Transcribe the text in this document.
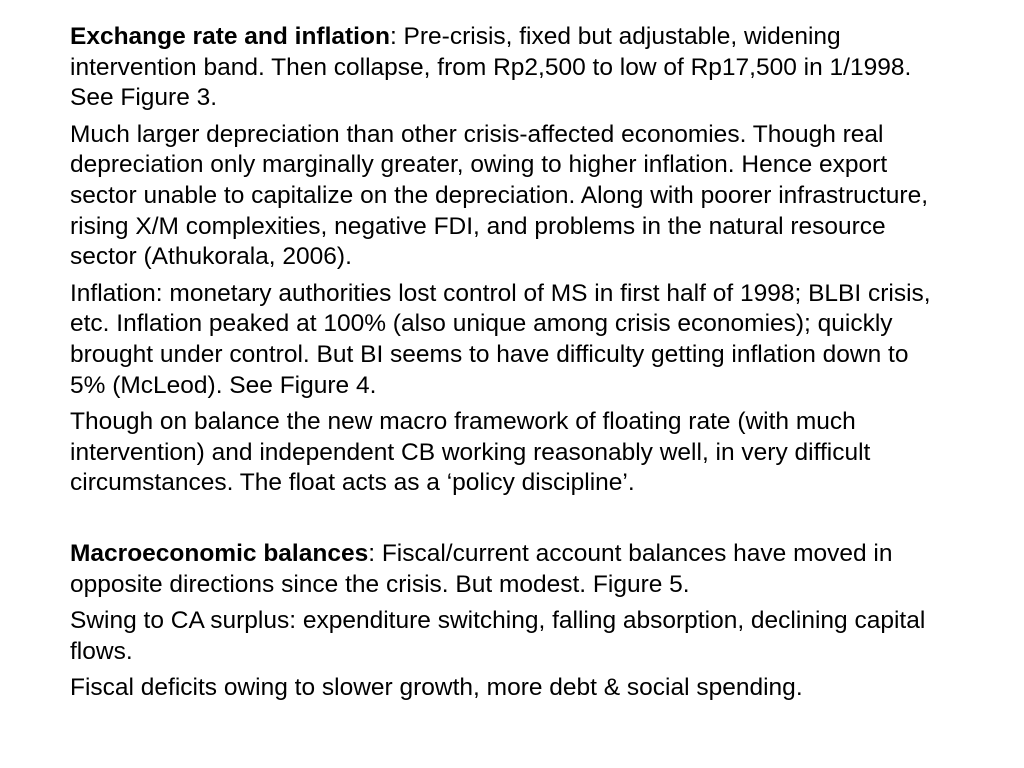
Exchange rate and inflation: Pre-crisis, fixed but adjustable, widening intervention band. Then collapse, from Rp2,500 to low of Rp17,500 in 1/1998. See Figure 3.

Much larger depreciation than other crisis-affected economies. Though real depreciation only marginally greater, owing to higher inflation. Hence export sector unable to capitalize on the depreciation. Along with poorer infrastructure, rising X/M complexities, negative FDI, and problems in the natural resource sector (Athukorala, 2006).

Inflation: monetary authorities lost control of MS in first half of 1998; BLBI crisis, etc. Inflation peaked at 100% (also unique among crisis economies); quickly brought under control. But BI seems to have difficulty getting inflation down to 5% (McLeod). See Figure 4.

Though on balance the new macro framework of floating rate (with much intervention) and independent CB working reasonably well, in very difficult circumstances. The float acts as a ‘policy discipline’.

Macroeconomic balances: Fiscal/current account balances have moved in opposite directions since the crisis. But modest. Figure 5.

Swing to CA surplus: expenditure switching, falling absorption, declining capital flows.

Fiscal deficits owing to slower growth, more debt & social spending.
